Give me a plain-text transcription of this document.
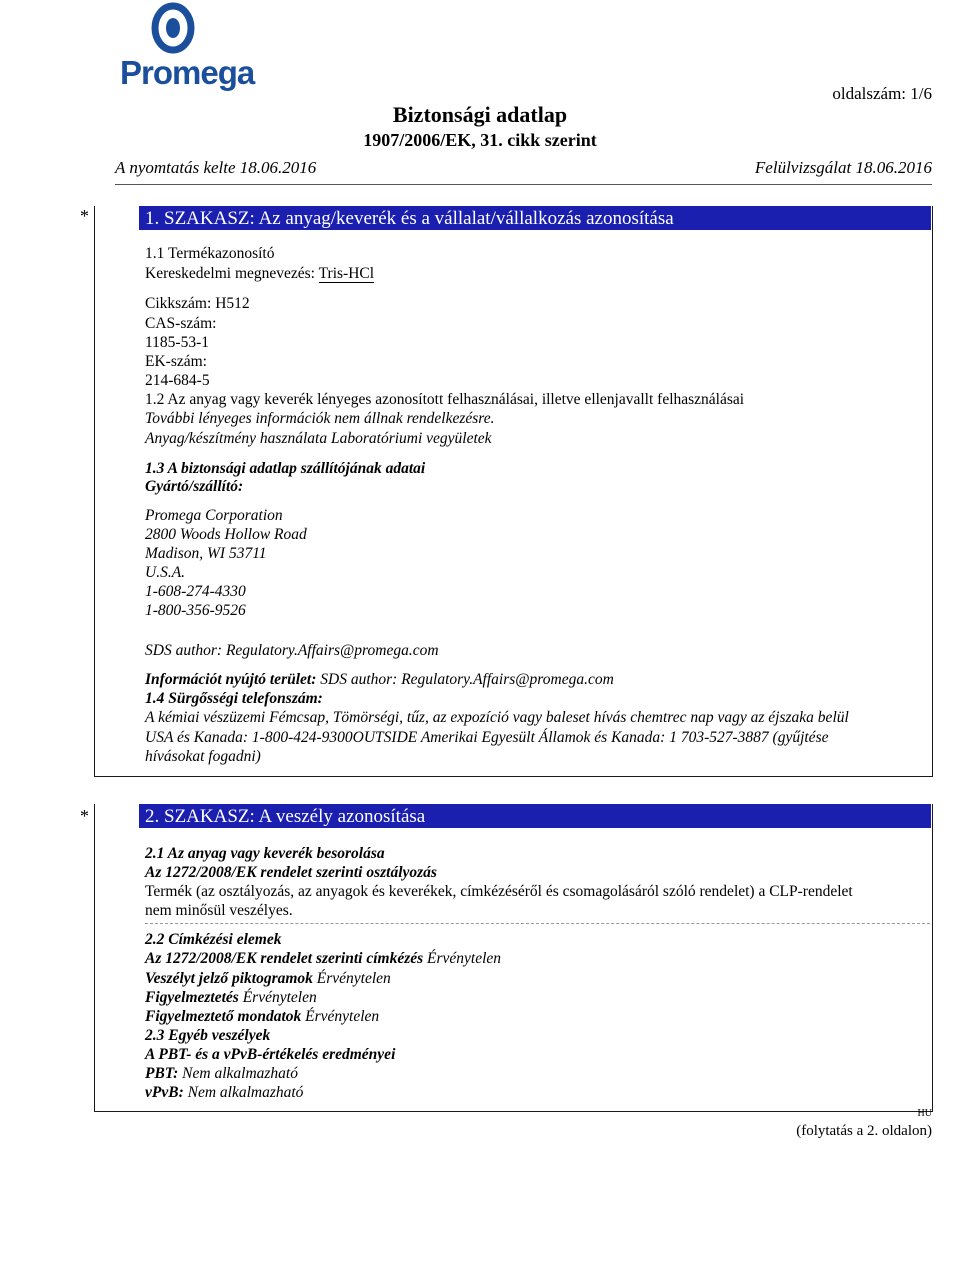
Promega
oldalszám: 1/6
Biztonsági adatlap
1907/2006/EK, 31. cikk szerint
A nyomtatás kelte 18.06.2016	Felülvizsgálat 18.06.2016
*	1. SZAKASZ: Az anyag/keverék és a vállalat/vállalkozás azonosítása
1.1 Termékazonosító
Kereskedelmi megnevezés: Tris-HCl
Cikkszám: H512
CAS-szám:
1185-53-1
EK-szám:
214-684-5
1.2 Az anyag vagy keverék lényeges azonosított felhasználásai, illetve ellenjavallt felhasználásai
További lényeges információk nem állnak rendelkezésre.
Anyag/készítmény használata Laboratóriumi vegyületek
1.3 A biztonsági adatlap szállítójának adatai
Gyártó/szállító:
Promega Corporation
2800 Woods Hollow Road
Madison, WI 53711
U.S.A.
1-608-274-4330
1-800-356-9526
SDS author: Regulatory.Affairs@promega.com
Információt nyújtó terület: SDS author: Regulatory.Affairs@promega.com
1.4 Sürgősségi telefonszám:
A kémiai vészüzemi Fémcsap, Tömörségi, tűz, az expozíció vagy baleset hívás chemtrec nap vagy az éjszaka belül
USA és Kanada: 1-800-424-9300OUTSIDE Amerikai Egyesült Államok és Kanada: 1 703-527-3887 (gyűjtése
hívásokat fogadni)
*	2. SZAKASZ: A veszély azonosítása
2.1 Az anyag vagy keverék besorolása
Az 1272/2008/EK rendelet szerinti osztályozás
Termék (az osztályozás, az anyagok és keverékek, címkézéséről és csomagolásáról szóló rendelet) a CLP-rendelet
nem minősül veszélyes.
2.2 Címkézési elemek
Az 1272/2008/EK rendelet szerinti címkézés Érvénytelen
Veszélyt jelző piktogramok Érvénytelen
Figyelmeztetés Érvénytelen
Figyelmeztető mondatok Érvénytelen
2.3 Egyéb veszélyek
A PBT- és a vPvB-értékelés eredményei
PBT: Nem alkalmazható
vPvB: Nem alkalmazható
HU
(folytatás a 2. oldalon)
